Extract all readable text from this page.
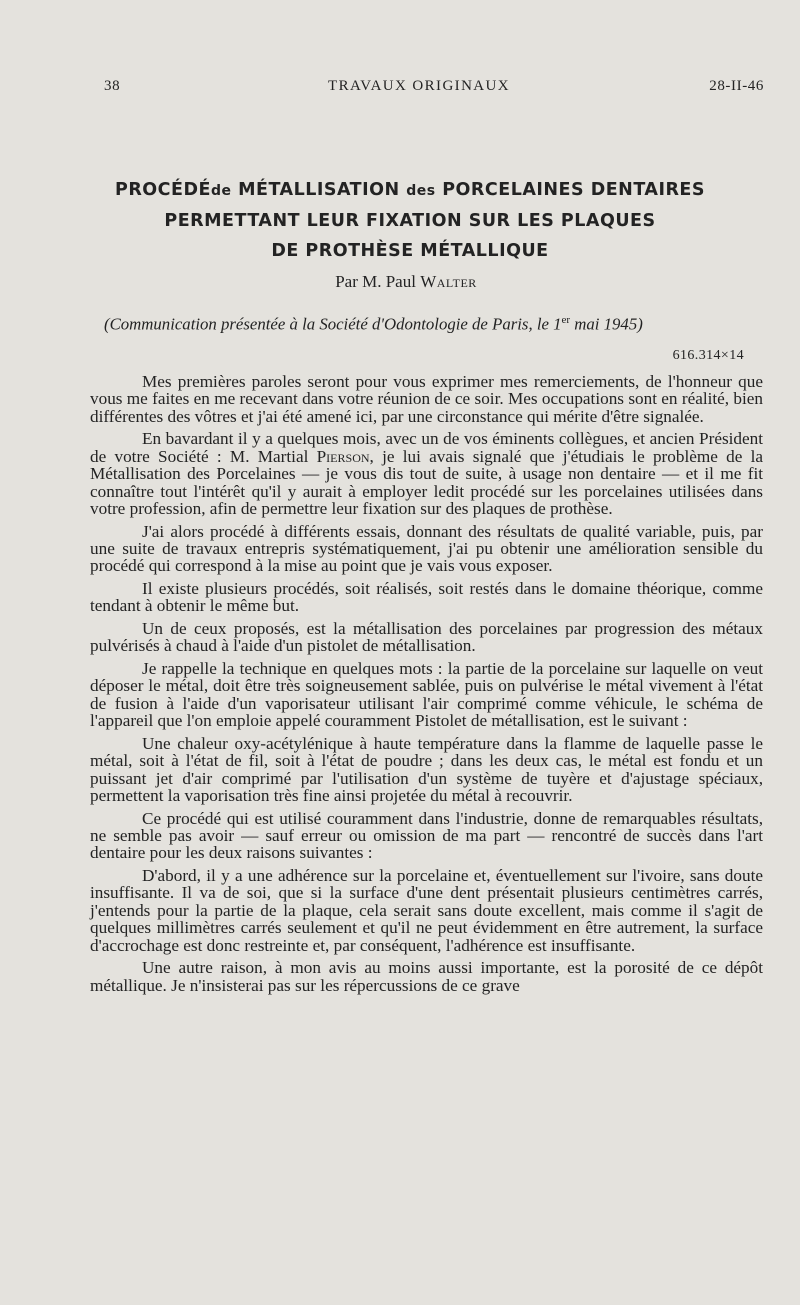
38	TRAVAUX ORIGINAUX	28-II-46
PROCÉDÉde MÉTALLISATION des PORCELAINES DENTAIRES
PERMETTANT LEUR FIXATION SUR LES PLAQUES
DE PROTHÈSE MÉTALLIQUE
Par M. Paul Walter
(Communication présentée à la Société d'Odontologie de Paris, le 1er mai 1945)
616.314×14

Mes premières paroles seront pour vous exprimer mes remerciements, de l'honneur que vous me faites en me recevant dans votre réunion de ce soir. Mes occupations sont en réalité, bien différentes des vôtres et j'ai été amené ici, par une circonstance qui mérite d'être signalée.

En bavardant il y a quelques mois, avec un de vos éminents collègues, et ancien Président de votre Société : M. Martial Pierson, je lui avais signalé que j'étudiais le problème de la Métallisation des Porcelaines — je vous dis tout de suite, à usage non dentaire — et il me fit connaître tout l'intérêt qu'il y aurait à employer ledit procédé sur les porcelaines utilisées dans votre profession, afin de permettre leur fixation sur des plaques de prothèse.

J'ai alors procédé à différents essais, donnant des résultats de qualité variable, puis, par une suite de travaux entrepris systématiquement, j'ai pu obtenir une amélioration sensible du procédé qui correspond à la mise au point que je vais vous exposer.

Il existe plusieurs procédés, soit réalisés, soit restés dans le domaine théorique, comme tendant à obtenir le même but.

Un de ceux proposés, est la métallisation des porcelaines par progression des métaux pulvérisés à chaud à l'aide d'un pistolet de métallisation.

Je rappelle la technique en quelques mots : la partie de la porcelaine sur laquelle on veut déposer le métal, doit être très soigneusement sablée, puis on pulvérise le métal vivement à l'état de fusion à l'aide d'un vaporisateur utilisant l'air comprimé comme véhicule, le schéma de l'appareil que l'on emploie appelé couramment Pistolet de métallisation, est le suivant :

Une chaleur oxy-acétylénique à haute température dans la flamme de laquelle passe le métal, soit à l'état de fil, soit à l'état de poudre ; dans les deux cas, le métal est fondu et un puissant jet d'air comprimé par l'utilisation d'un système de tuyère et d'ajustage spéciaux, permettent la vaporisation très fine ainsi projetée du métal à recouvrir.

Ce procédé qui est utilisé couramment dans l'industrie, donne de remarquables résultats, ne semble pas avoir — sauf erreur ou omission de ma part — rencontré de succès dans l'art dentaire pour les deux raisons suivantes :

D'abord, il y a une adhérence sur la porcelaine et, éventuellement sur l'ivoire, sans doute insuffisante. Il va de soi, que si la surface d'une dent présentait plusieurs centimètres carrés, j'entends pour la partie de la plaque, cela serait sans doute excellent, mais comme il s'agit de quelques millimètres carrés seulement et qu'il ne peut évidemment en être autrement, la surface d'accrochage est donc restreinte et, par conséquent, l'adhérence est insuffisante.

Une autre raison, à mon avis au moins aussi importante, est la porosité de ce dépôt métallique. Je n'insisterai pas sur les répercussions de ce grave
